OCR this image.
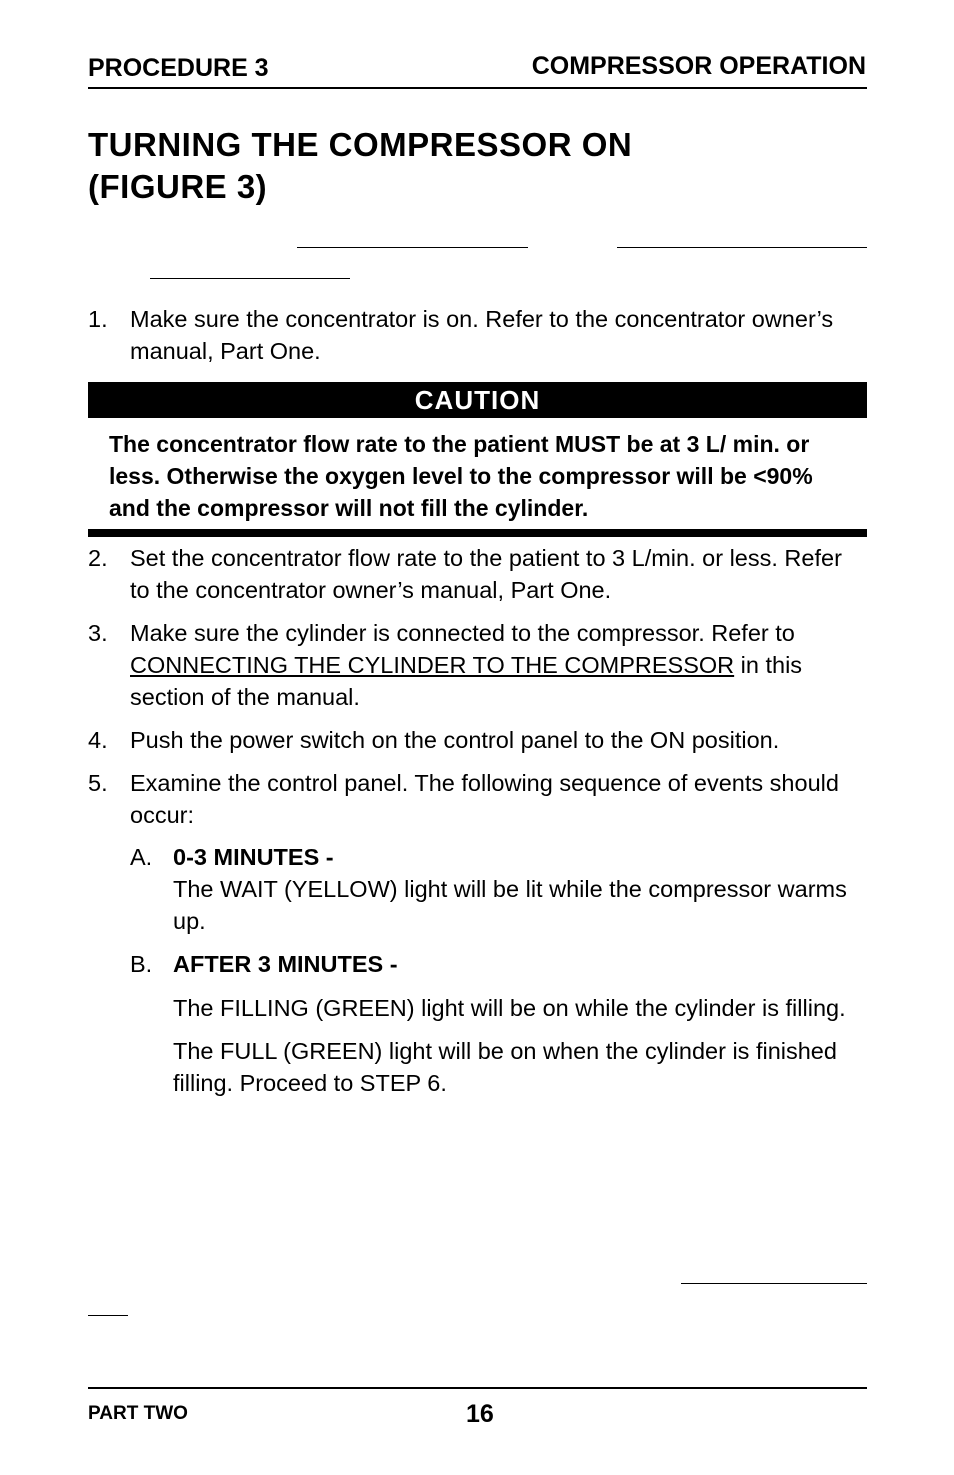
PROCEDURE 3	COMPRESSOR OPERATION
TURNING THE COMPRESSOR ON
(FIGURE 3)
1. Make sure the concentrator is on. Refer to the concentrator owner’s manual, Part One.
CAUTION
The concentrator flow rate to the patient MUST be at 3 L/ min. or less. Otherwise the oxygen level to the compressor will be <90% and the compressor will not fill the cylinder.
2. Set the concentrator flow rate to the patient to 3 L/min. or less. Refer to the concentrator owner’s manual, Part One.
3. Make sure the cylinder is connected to the compressor. Refer to CONNECTING THE CYLINDER TO THE COMPRESSOR in this section of the manual.
4. Push the power switch on the control panel to the ON position.
5. Examine the control panel. The following sequence of events should occur:
A. 0-3 MINUTES -
The WAIT (YELLOW) light will be lit while the compressor warms up.
B. AFTER 3 MINUTES -
The FILLING (GREEN) light will be on while the cylinder is filling.
The FULL (GREEN) light will be on when the cylinder is finished filling. Proceed to STEP 6.
PART TWO	16
